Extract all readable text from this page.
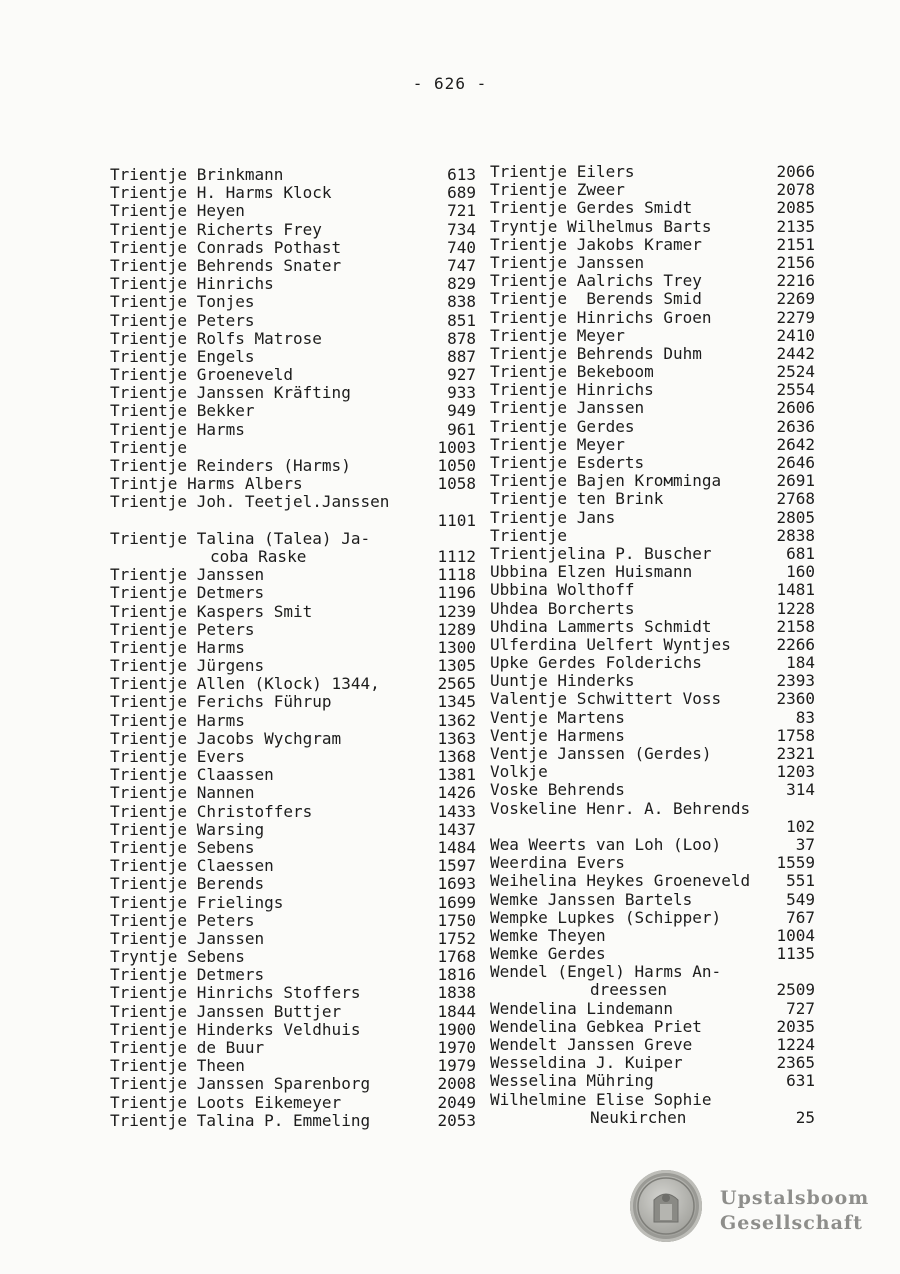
- 626 -
Trientje Brinkmann	613
Trientje H. Harms Klock	689
Trientje Heyen	721
Trientje Richerts Frey	734
Trientje Conrads Pothast	740
Trientje Behrends Snater	747
Trientje Hinrichs	829
Trientje Tonjes	838
Trientje Peters	851
Trientje Rolfs Matrose	878
Trientje Engels	887
Trientje Groeneveld	927
Trientje Janssen Kräfting	933
Trientje Bekker	949
Trientje Harms	961
Trientje	1003
Trientje Reinders (Harms)	1050
Trintje Harms Albers	1058
Trientje Joh. Teetjel.Janssen
1101
Trientje Talina (Talea) Ja-
coba Raske	1112
Trientje Janssen	1118
Trientje Detmers	1196
Trientje Kaspers Smit	1239
Trientje Peters	1289
Trientje Harms	1300
Trientje Jürgens	1305
Trientje Allen (Klock) 1344,	2565
Trientje Ferichs Führup	1345
Trientje Harms	1362
Trientje Jacobs Wychgram	1363
Trientje Evers	1368
Trientje Claassen	1381
Trientje Nannen	1426
Trientje Christoffers	1433
Trientje Warsing	1437
Trientje Sebens	1484
Trientje Claessen	1597
Trientje Berends	1693
Trientje Frielings	1699
Trientje Peters	1750
Trientje Janssen	1752
Tryntje Sebens	1768
Trientje Detmers	1816
Trientje Hinrichs Stoffers	1838
Trientje Janssen Buttjer	1844
Trientje Hinderks Veldhuis	1900
Trientje de Buur	1970
Trientje Theen	1979
Trientje Janssen Sparenborg	2008
Trientje Loots Eikemeyer	2049
Trientje Talina P. Emmeling	2053
Trientje Eilers	2066
Trientje Zweer	2078
Trientje Gerdes Smidt	2085
Tryntje Wilhelmus Barts	2135
Trientje Jakobs Kramer	2151
Trientje Janssen	2156
Trientje Aalrichs Trey	2216
Trientje  Berends Smid	2269
Trientje Hinrichs Groen	2279
Trientje Meyer	2410
Trientje Behrends Duhm	2442
Trientje Bekeboom	2524
Trientje Hinrichs	2554
Trientje Janssen	2606
Trientje Gerdes	2636
Trientje Meyer	2642
Trientje Esderts	2646
Trientje Bajen Krомminga	2691
Trientje ten Brink	2768
Trientje Jans	2805
Trientje	2838
Trientjelina P. Buscher	681
Ubbina Elzen Huismann	160
Ubbina Wolthoff	1481
Uhdea Borcherts	1228
Uhdina Lammerts Schmidt	2158
Ulferdina Uelfert Wyntjes	2266
Upke Gerdes Folderichs	184
Uuntje Hinderks	2393
Valentje Schwittert Voss	2360
Ventje Martens	83
Ventje Harmens	1758
Ventje Janssen (Gerdes)	2321
Volkje	1203
Voske Behrends	314
Voskeline Henr. A. Behrends
102
Wea Weerts van Loh (Loo)	37
Weerdina Evers	1559
Weihelina Heykes Groeneveld 551
Wemke Janssen Bartels	549
Wempke Lupkes (Schipper)	767
Wemke Theyen	1004
Wemke Gerdes	1135
Wendel (Engel) Harms An-
dreessen	2509
Wendelina Lindemann	727
Wendelina Gebkea Priet	2035
Wendelt Janssen Greve	1224
Wesseldina J. Kuiper	2365
Wesselina Mühring	631
Wilhelmine Elise Sophie
Neukirchen	25
Upstalsboom
Gesellschaft
